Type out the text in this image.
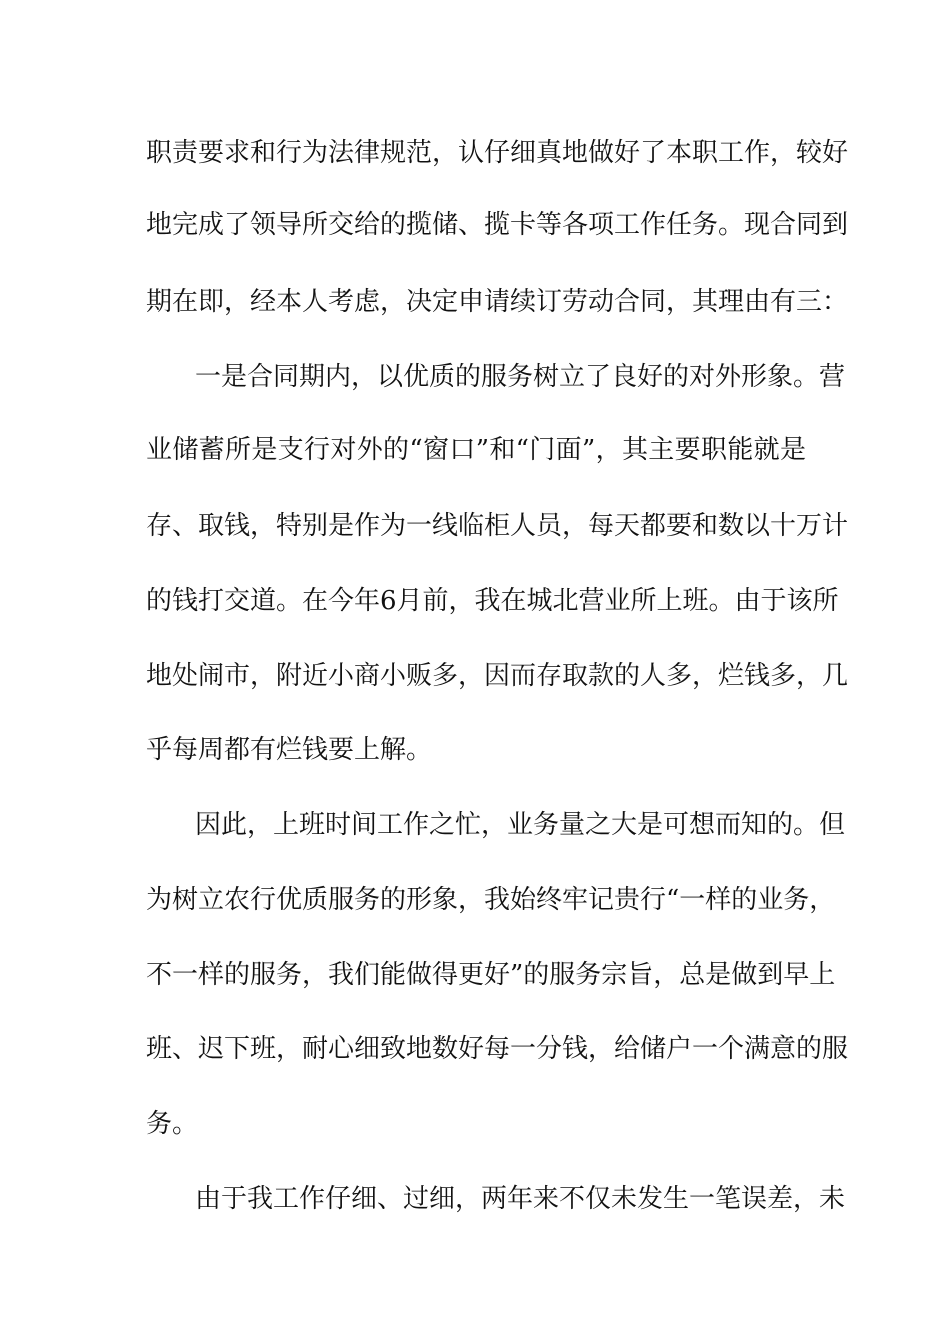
职责要求和行为法律规范，认仔细真地做好了本职工作，较好
地完成了领导所交给的揽储、揽卡等各项工作任务。现合同到
期在即，经本人考虑，决定申请续订劳动合同，其理由有三：
一是合同期内，以优质的服务树立了良好的对外形象。营
业储蓄所是支行对外的“窗口”和“门面”，其主要职能就是
存、取钱，特别是作为一线临柜人员，每天都要和数以十万计
的钱打交道。在今年6月前，我在城北营业所上班。由于该所
地处闹市，附近小商小贩多，因而存取款的人多，烂钱多，几
乎每周都有烂钱要上解。
因此，上班时间工作之忙，业务量之大是可想而知的。但
为树立农行优质服务的形象，我始终牢记贵行“一样的业务，
不一样的服务，我们能做得更好”的服务宗旨，总是做到早上
班、迟下班，耐心细致地数好每一分钱，给储户一个满意的服
务。
由于我工作仔细、过细，两年来不仅未发生一笔误差，未
